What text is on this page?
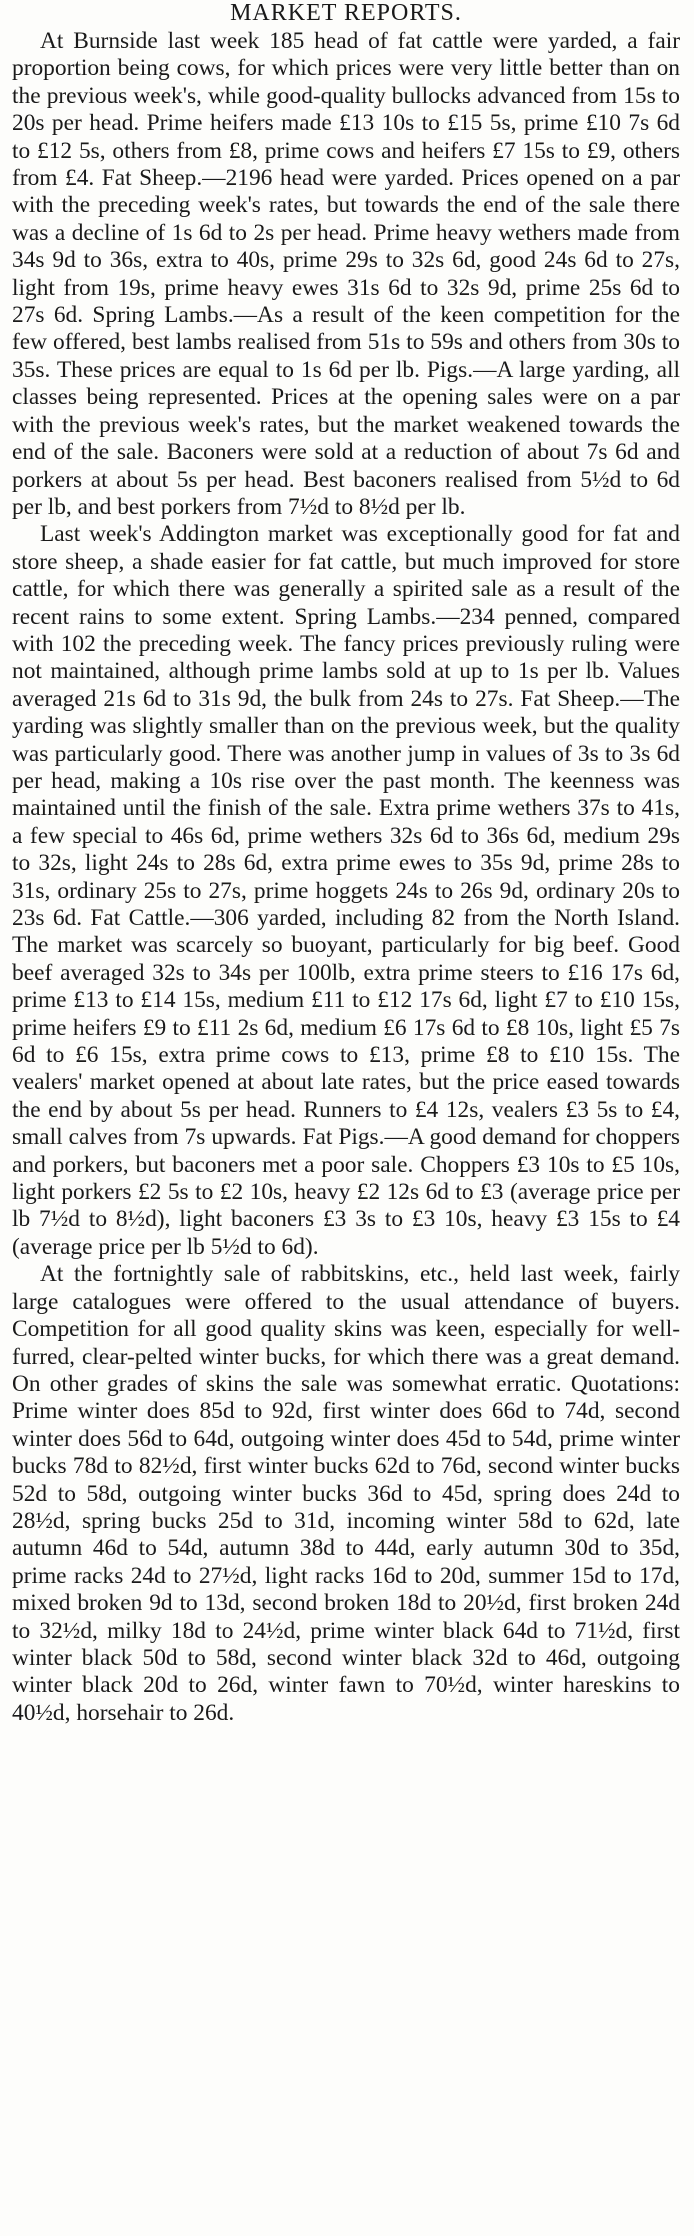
MARKET REPORTS.

At Burnside last week 185 head of fat cattle were yarded, a fair proportion being cows, for which prices were very little better than on the previous week's, while good-quality bullocks advanced from 15s to 20s per head. Prime heifers made £13 10s to £15 5s, prime £10 7s 6d to £12 5s, others from £8, prime cows and heifers £7 15s to £9, others from £4. Fat Sheep.—2196 head were yarded. Prices opened on a par with the preceding week's rates, but towards the end of the sale there was a decline of 1s 6d to 2s per head. Prime heavy wethers made from 34s 9d to 36s, extra to 40s, prime 29s to 32s 6d, good 24s 6d to 27s, light from 19s, prime heavy ewes 31s 6d to 32s 9d, prime 25s 6d to 27s 6d. Spring Lambs.—As a result of the keen competition for the few offered, best lambs realised from 51s to 59s and others from 30s to 35s. These prices are equal to 1s 6d per lb. Pigs.—A large yarding, all classes being represented. Prices at the opening sales were on a par with the previous week's rates, but the market weakened towards the end of the sale. Baconers were sold at a reduction of about 7s 6d and porkers at about 5s per head. Best baconers realised from 5½d to 6d per lb, and best porkers from 7½d to 8½d per lb.

Last week's Addington market was exceptionally good for fat and store sheep, a shade easier for fat cattle, but much improved for store cattle, for which there was generally a spirited sale as a result of the recent rains to some extent. Spring Lambs.—234 penned, compared with 102 the preceding week. The fancy prices previously ruling were not maintained, although prime lambs sold at up to 1s per lb. Values averaged 21s 6d to 31s 9d, the bulk from 24s to 27s. Fat Sheep.—The yarding was slightly smaller than on the previous week, but the quality was particularly good. There was another jump in values of 3s to 3s 6d per head, making a 10s rise over the past month. The keenness was maintained until the finish of the sale. Extra prime wethers 37s to 41s, a few special to 46s 6d, prime wethers 32s 6d to 36s 6d, medium 29s to 32s, light 24s to 28s 6d, extra prime ewes to 35s 9d, prime 28s to 31s, ordinary 25s to 27s, prime hoggets 24s to 26s 9d, ordinary 20s to 23s 6d. Fat Cattle.—306 yarded, including 82 from the North Island. The market was scarcely so buoyant, particularly for big beef. Good beef averaged 32s to 34s per 100lb, extra prime steers to £16 17s 6d, prime £13 to £14 15s, medium £11 to £12 17s 6d, light £7 to £10 15s, prime heifers £9 to £11 2s 6d, medium £6 17s 6d to £8 10s, light £5 7s 6d to £6 15s, extra prime cows to £13, prime £8 to £10 15s. The vealers' market opened at about late rates, but the price eased towards the end by about 5s per head. Runners to £4 12s, vealers £3 5s to £4, small calves from 7s upwards. Fat Pigs.—A good demand for choppers and porkers, but baconers met a poor sale. Choppers £3 10s to £5 10s, light porkers £2 5s to £2 10s, heavy £2 12s 6d to £3 (average price per lb 7½d to 8½d), light baconers £3 3s to £3 10s, heavy £3 15s to £4 (average price per lb 5½d to 6d).

At the fortnightly sale of rabbitskins, etc., held last week, fairly large catalogues were offered to the usual attendance of buyers. Competition for all good quality skins was keen, especially for well-furred, clear-pelted winter bucks, for which there was a great demand. On other grades of skins the sale was somewhat erratic. Quotations: Prime winter does 85d to 92d, first winter does 66d to 74d, second winter does 56d to 64d, outgoing winter does 45d to 54d, prime winter bucks 78d to 82½d, first winter bucks 62d to 76d, second winter bucks 52d to 58d, outgoing winter bucks 36d to 45d, spring does 24d to 28½d, spring bucks 25d to 31d, incoming winter 58d to 62d, late autumn 46d to 54d, autumn 38d to 44d, early autumn 30d to 35d, prime racks 24d to 27½d, light racks 16d to 20d, summer 15d to 17d, mixed broken 9d to 13d, second broken 18d to 20½d, first broken 24d to 32½d, milky 18d to 24½d, prime winter black 64d to 71½d, first winter black 50d to 58d, second winter black 32d to 46d, outgoing winter black 20d to 26d, winter fawn to 70½d, winter hareskins to 40½d, horsehair to 26d.
